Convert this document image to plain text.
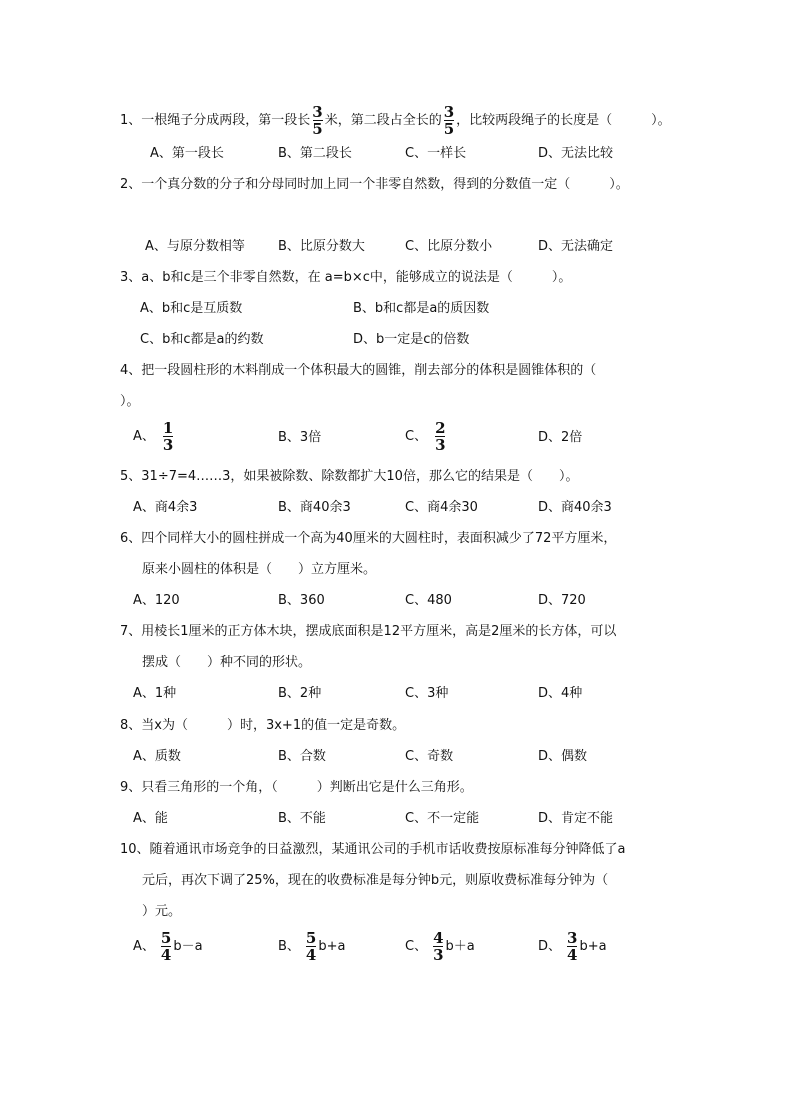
1、一根绳子分成两段，第一段长 $\frac{3}{5}$ 米，第二段占全长的 $\frac{3}{5}$ ，比较两段绳子的长度是（　　　）。
A、第一段长	B、第二段长	C、一样长	D、无法比较
2、一个真分数的分子和分母同时加上同一个非零自然数，得到的分数值一定（　　　）。
A、与原分数相等	B、比原分数大	C、比原分数小	D、无法确定
3、a、b和c是三个非零自然数，在 a=b×c中，能够成立的说法是（　　　）。
A、b和c是互质数	B、b和c都是a的质因数
C、b和c都是a的约数	D、b一定是c的倍数
4、把一段圆柱形的木料削成一个体积最大的圆锥，削去部分的体积是圆锥体积的（
）。
A、 $\frac{1}{3}$	B、3倍	C、 $\frac{2}{3}$	D、2倍
5、31÷7=4……3，如果被除数、除数都扩大10倍，那么它的结果是（　　）。
A、商4余3	B、商40余3	C、商4余30	D、商40余3
6、四个同样大小的圆柱拼成一个高为40厘米的大圆柱时，表面积减少了72平方厘米，
原来小圆柱的体积是（　　）立方厘米。
A、120	B、360	C、480	D、720
7、用棱长1厘米的正方体木块，摆成底面积是12平方厘米，高是2厘米的长方体，可以
摆成（　　）种不同的形状。
A、1种	B、2种	C、3种	D、4种
8、当x为（　　　）时，3x+1的值一定是奇数。
A、质数	B、合数	C、奇数	D、偶数
9、只看三角形的一个角，（　　　）判断出它是什么三角形。
A、能	B、不能	C、不一定能	D、肯定不能
10、随着通讯市场竞争的日益激烈，某通讯公司的手机市话收费按原标准每分钟降低了a
元后，再次下调了25%，现在的收费标准是每分钟b元，则原收费标准每分钟为（
）元。
A、 $\frac{5}{4} b-a$	B、 $\frac{5}{4} b+a$	C、 $\frac{4}{3} b+a$	D、 $\frac{3}{4} b+a$
